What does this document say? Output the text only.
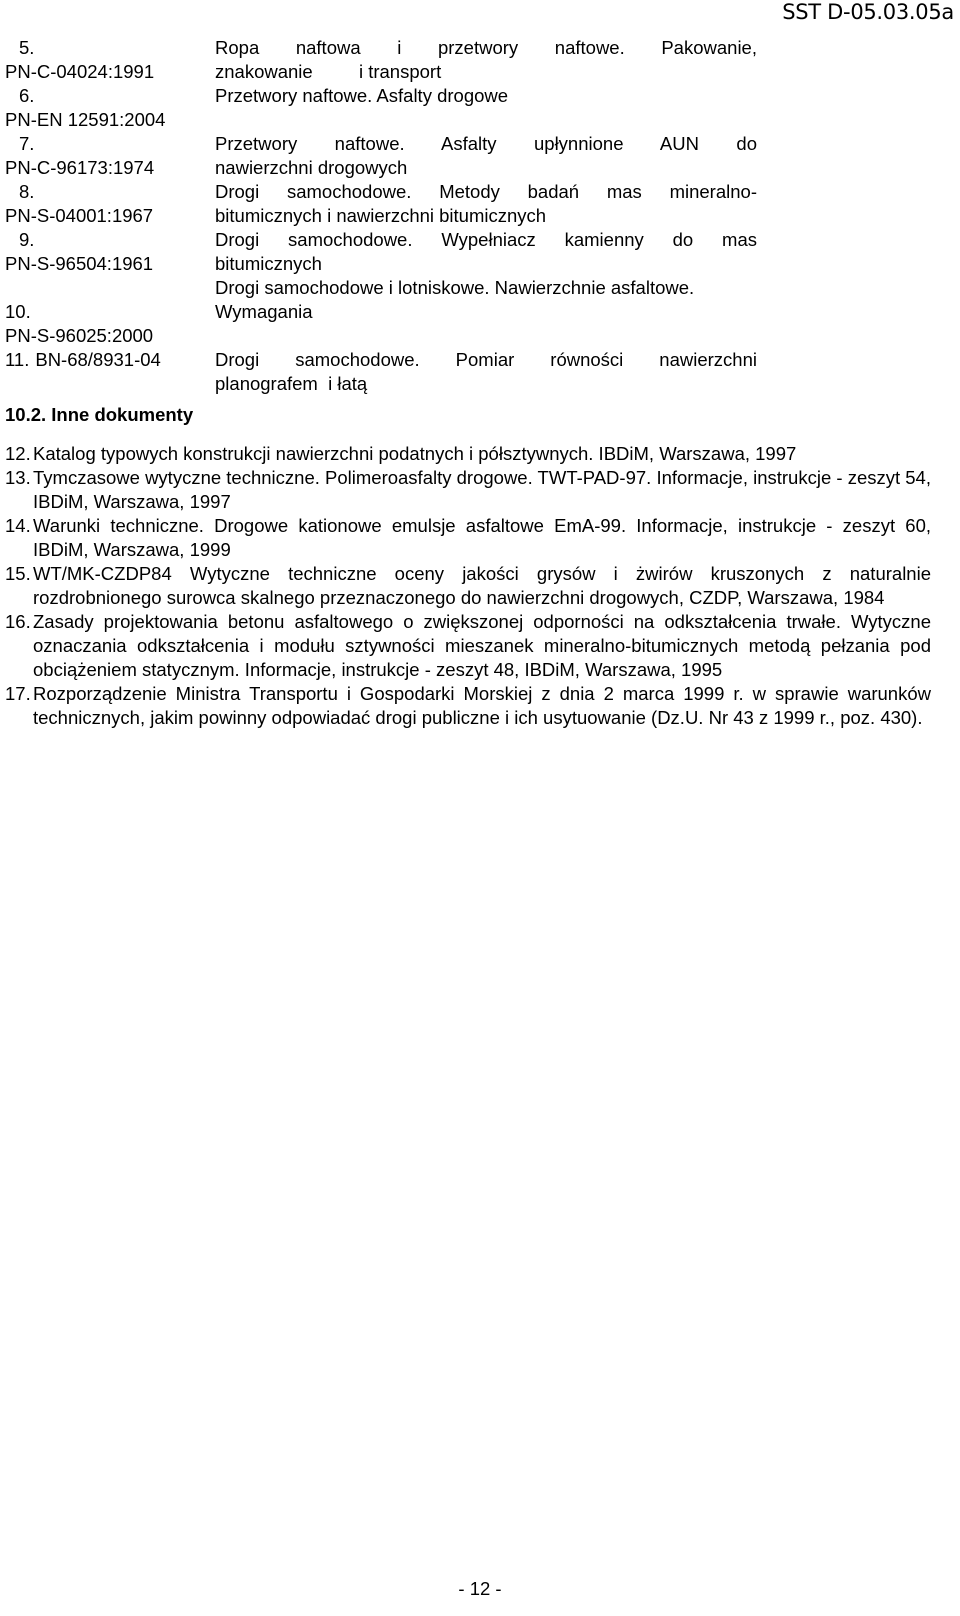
SST D-05.03.05a
5.
PN-C-04024:1991
Ropa naftowa i przetwory naftowe. Pakowanie,
znakowanie         i transport
6.
PN-EN 12591:2004
Przetwory naftowe. Asfalty drogowe
7.
PN-C-96173:1974
Przetwory naftowe. Asfalty upłynnione AUN do
nawierzchni drogowych
8.
PN-S-04001:1967
Drogi samochodowe. Metody badań mas mineralno-
bitumicznych i nawierzchni bitumicznych
9.
PN-S-96504:1961
Drogi samochodowe. Wypełniacz kamienny do mas
bitumicznych
10.
PN-S-96025:2000
Drogi samochodowe i lotniskowe. Nawierzchnie asfaltowe.
Wymagania
11. BN-68/8931-04	Drogi samochodowe. Pomiar równości nawierzchni
planografem  i łatą
10.2. Inne dokumenty
12. Katalog typowych konstrukcji nawierzchni podatnych i półsztywnych. IBDiM, Warszawa, 1997
13. Tymczasowe wytyczne techniczne. Polimeroasfalty drogowe. TWT-PAD-97. Informacje, instrukcje - zeszyt 54, IBDiM, Warszawa, 1997
14. Warunki techniczne. Drogowe kationowe emulsje asfaltowe EmA-99. Informacje, instrukcje - zeszyt 60, IBDiM, Warszawa, 1999
15. WT/MK-CZDP84 Wytyczne techniczne oceny jakości grysów i żwirów kruszonych z naturalnie rozdrobnionego surowca skalnego przeznaczonego do nawierzchni drogowych, CZDP, Warszawa, 1984
16. Zasady projektowania betonu asfaltowego o zwiększonej odporności na odkształcenia trwałe. Wytyczne oznaczania odkształcenia i modułu sztywności mieszanek mineralno-bitumicznych metodą pełzania pod obciążeniem statycznym. Informacje, instrukcje - zeszyt 48, IBDiM, Warszawa, 1995
17. Rozporządzenie Ministra Transportu i Gospodarki Morskiej z dnia 2 marca 1999 r. w sprawie warunków technicznych, jakim powinny odpowiadać drogi publiczne i ich usytuowanie (Dz.U. Nr 43 z 1999 r., poz. 430).
- 12 -
